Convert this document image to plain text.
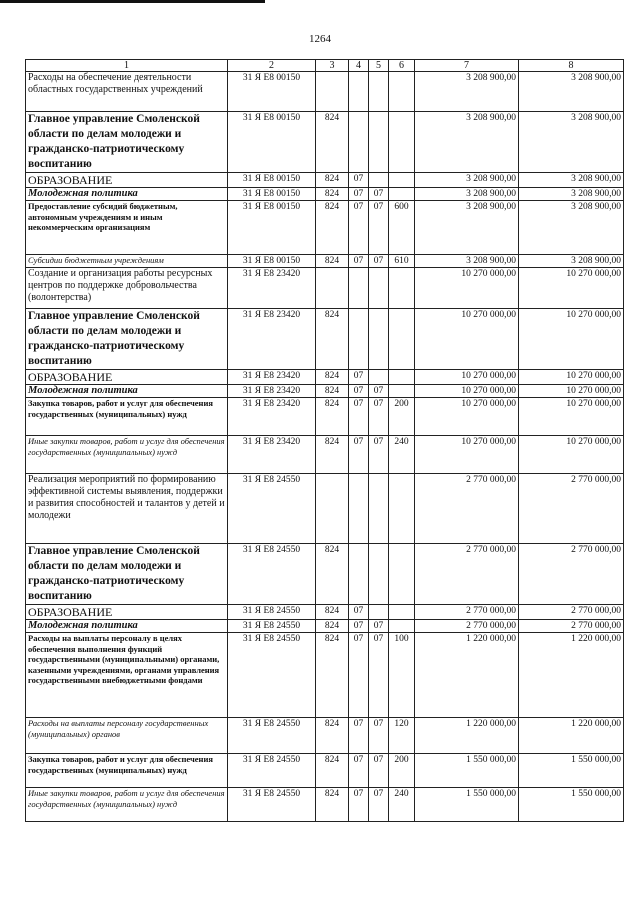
1264
1	2	3	4	5	6	7	8
Расходы на обеспечение деятельности областных государственных учреждений	31 Я Е8 00150					3 208 900,00	3 208 900,00
Главное управление Смоленской области по делам молодежи и гражданско-патриотическому воспитанию	31 Я Е8 00150	824				3 208 900,00	3 208 900,00
ОБРАЗОВАНИЕ	31 Я Е8 00150	824	07			3 208 900,00	3 208 900,00
Молодежная политика	31 Я Е8 00150	824	07	07		3 208 900,00	3 208 900,00
Предоставление субсидий бюджетным, автономным учреждениям и иным некоммерческим организациям	31 Я Е8 00150	824	07	07	600	3 208 900,00	3 208 900,00
Субсидии бюджетным учреждениям	31 Я Е8 00150	824	07	07	610	3 208 900,00	3 208 900,00
Создание и организация работы ресурсных центров по поддержке добровольчества (волонтерства)	31 Я Е8 23420					10 270 000,00	10 270 000,00
Главное управление Смоленской области по делам молодежи и гражданско-патриотическому воспитанию	31 Я Е8 23420	824				10 270 000,00	10 270 000,00
ОБРАЗОВАНИЕ	31 Я Е8 23420	824	07			10 270 000,00	10 270 000,00
Молодежная политика	31 Я Е8 23420	824	07	07		10 270 000,00	10 270 000,00
Закупка товаров, работ и услуг для обеспечения государственных (муниципальных) нужд	31 Я Е8 23420	824	07	07	200	10 270 000,00	10 270 000,00
Иные закупки товаров, работ и услуг для обеспечения государственных (муниципальных) нужд	31 Я Е8 23420	824	07	07	240	10 270 000,00	10 270 000,00
Реализация мероприятий по формированию эффективной системы выявления, поддержки и развития способностей и талантов у детей и молодежи	31 Я Е8 24550					2 770 000,00	2 770 000,00
Главное управление Смоленской области по делам молодежи и гражданско-патриотическому воспитанию	31 Я Е8 24550	824				2 770 000,00	2 770 000,00
ОБРАЗОВАНИЕ	31 Я Е8 24550	824	07			2 770 000,00	2 770 000,00
Молодежная политика	31 Я Е8 24550	824	07	07		2 770 000,00	2 770 000,00
Расходы на выплаты персоналу в целях обеспечения выполнения функций государственными (муниципальными) органами, казенными учреждениями, органами управления государственными внебюджетными фондами	31 Я Е8 24550	824	07	07	100	1 220 000,00	1 220 000,00
Расходы на выплаты персоналу государственных (муниципальных) органов	31 Я Е8 24550	824	07	07	120	1 220 000,00	1 220 000,00
Закупка товаров, работ и услуг для обеспечения государственных (муниципальных) нужд	31 Я Е8 24550	824	07	07	200	1 550 000,00	1 550 000,00
Иные закупки товаров, работ и услуг для обеспечения государственных (муниципальных) нужд	31 Я Е8 24550	824	07	07	240	1 550 000,00	1 550 000,00
